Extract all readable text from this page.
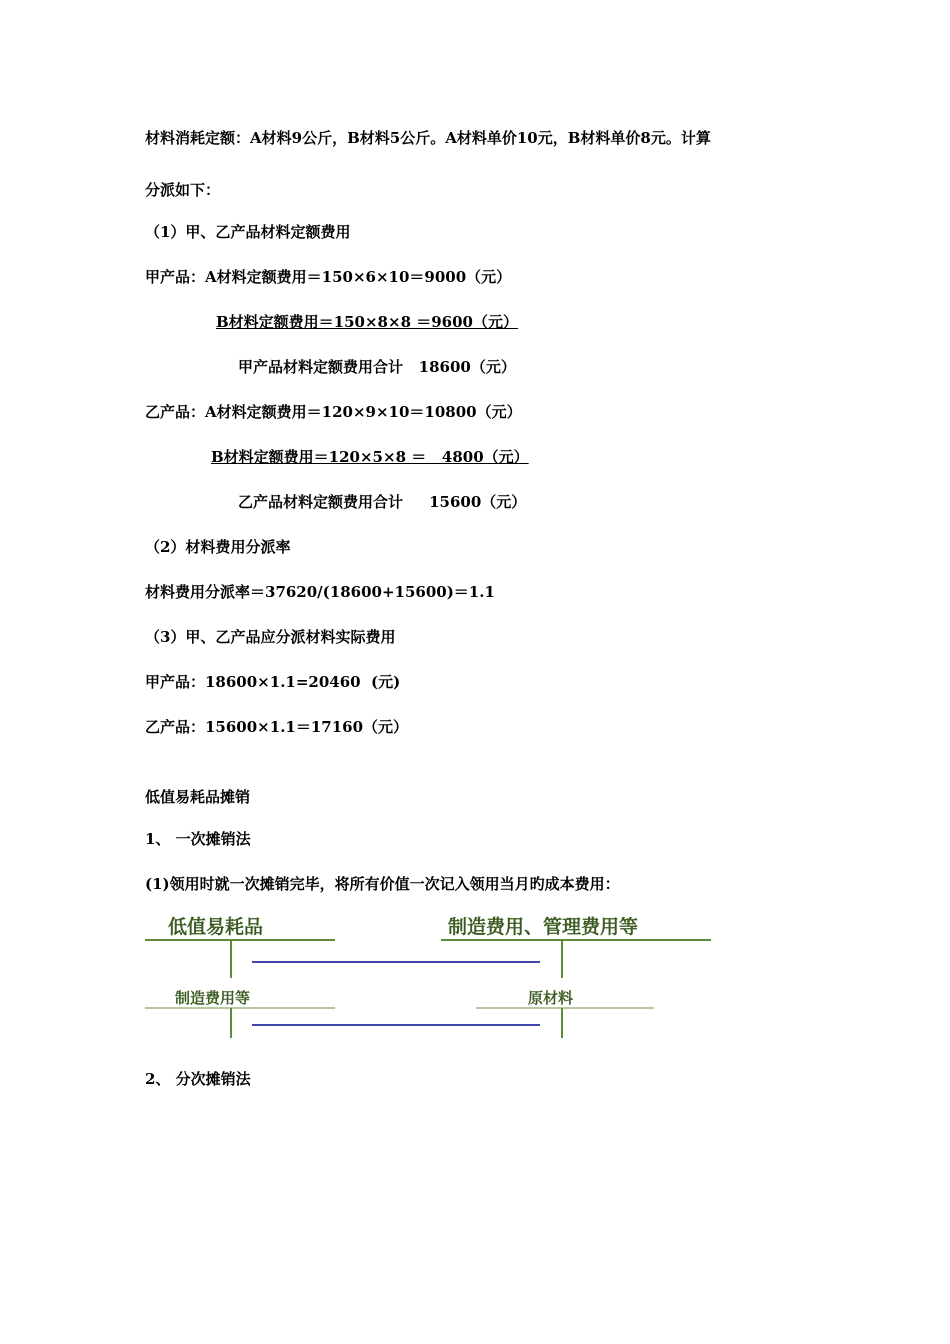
材料消耗定额：A材料9公斤，B材料5公斤。A材料单价10元，B材料单价8元。计算
分派如下：
（1）甲、乙产品材料定额费用
甲产品：A材料定额费用＝150×6×10＝9000（元）
B材料定额费用＝150×8×8 ＝9600（元）
甲产品材料定额费用合计   18600（元）
乙产品：A材料定额费用＝120×9×10＝10800（元）
B材料定额费用＝120×5×8 ＝   4800（元）
乙产品材料定额费用合计     15600（元）
（2）材料费用分派率
材料费用分派率＝37620/(18600+15600)＝1.1
（3）甲、乙产品应分派材料实际费用
甲产品：18600×1.1=20460  (元)
乙产品：15600×1.1＝17160（元）
低值易耗品摊销
1、 一次摊销法
(1)领用时就一次摊销完毕，将所有价值一次记入领用当月旳成本费用：
低值易耗品	制造费用、管理费用等
制造费用等	原材料
2、 分次摊销法
